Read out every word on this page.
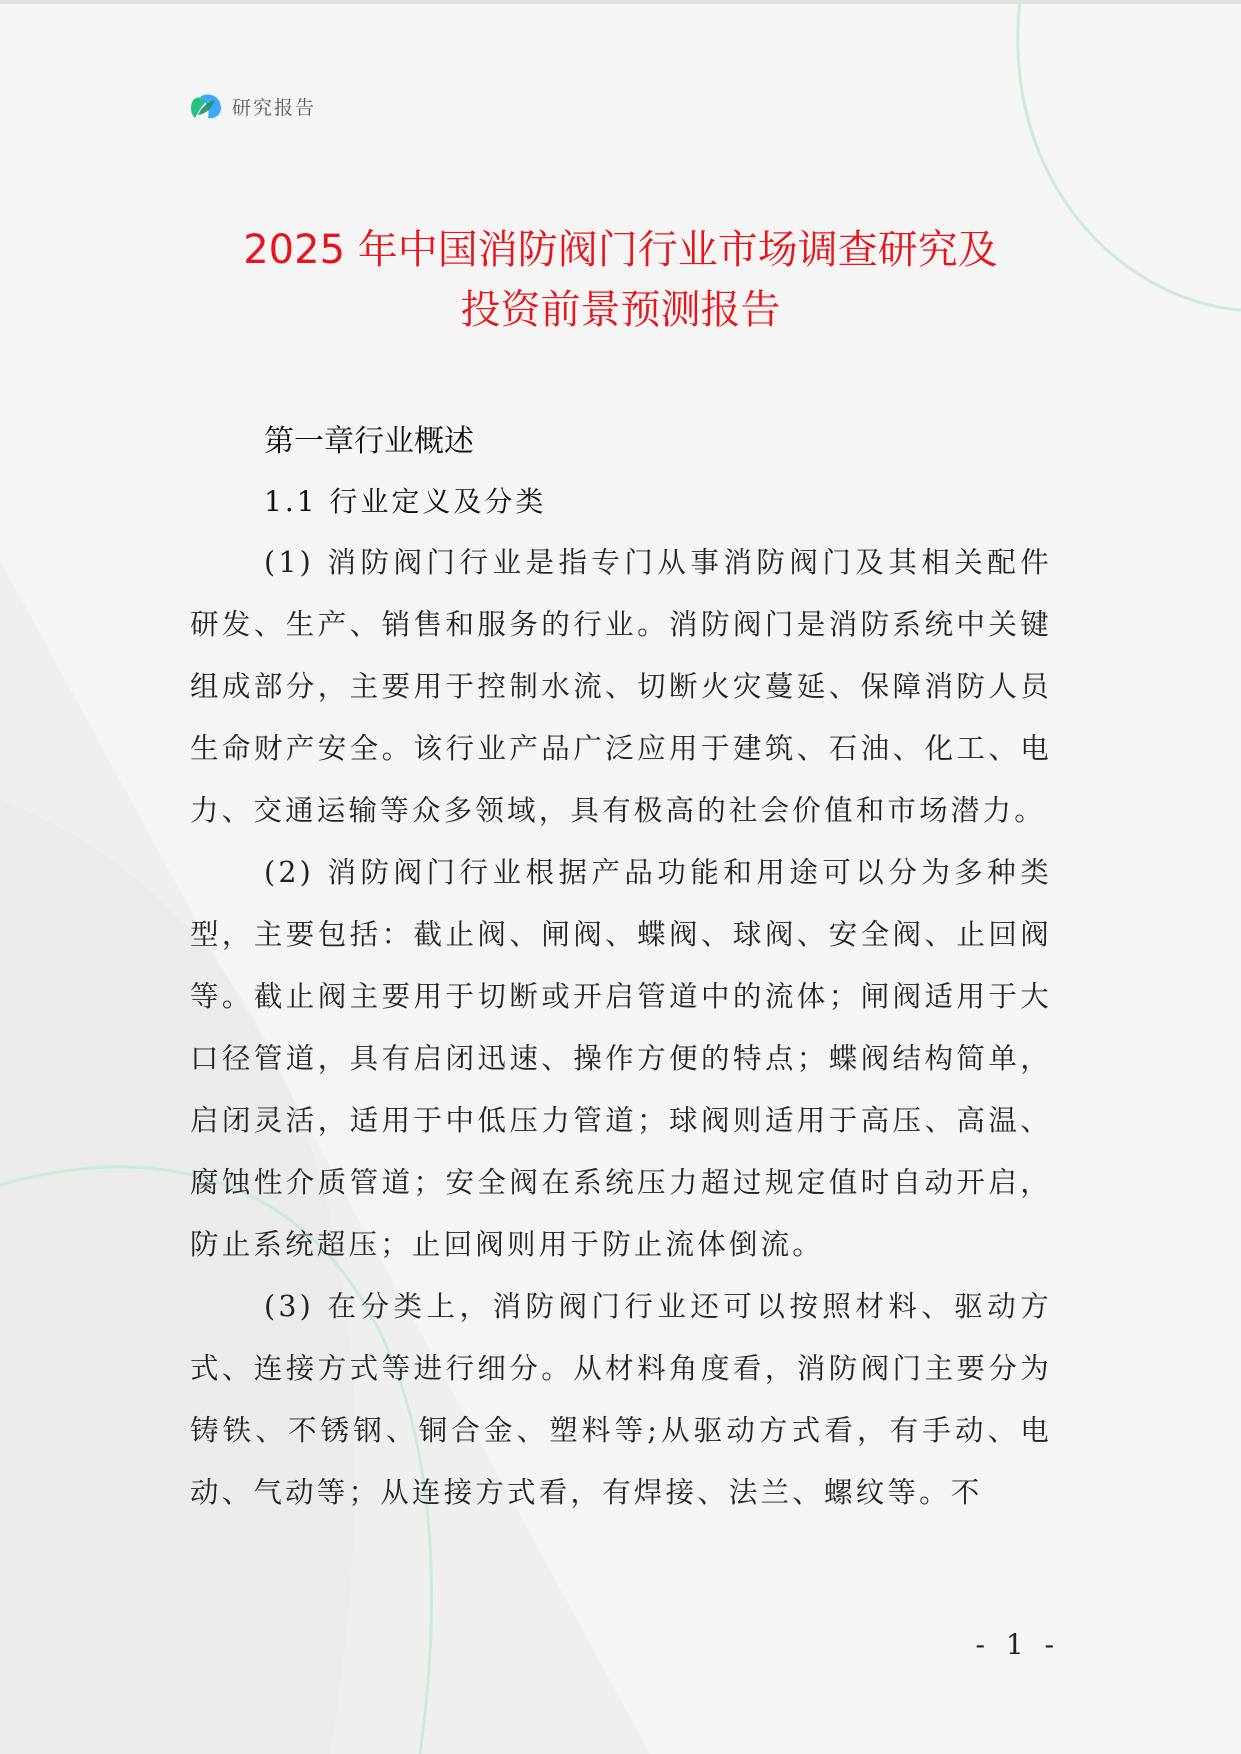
研究报告
2025 年中国消防阀门行业市场调查研究及
投资前景预测报告
第一章行业概述
1.1 行业定义及分类

(1) 消防阀门行业是指专门从事消防阀门及其相关配件研发、生产、销售和服务的行业。消防阀门是消防系统中关键组成部分，主要用于控制水流、切断火灾蔓延、保障消防人员生命财产安全。该行业产品广泛应用于建筑、石油、化工、电力、交通运输等众多领域，具有极高的社会价值和市场潜力。

(2) 消防阀门行业根据产品功能和用途可以分为多种类型，主要包括：截止阀、闸阀、蝶阀、球阀、安全阀、止回阀等。截止阀主要用于切断或开启管道中的流体；闸阀适用于大口径管道，具有启闭迅速、操作方便的特点；蝶阀结构简单，启闭灵活，适用于中低压力管道；球阀则适用于高压、高温、腐蚀性介质管道；安全阀在系统压力超过规定值时自动开启，防止系统超压；止回阀则用于防止流体倒流。

(3) 在分类上，消防阀门行业还可以按照材料、驱动方式、连接方式等进行细分。从材料角度看，消防阀门主要分为铸铁、不锈钢、铜合金、塑料等;从驱动方式看，有手动、电动、气动等；从连接方式看，有焊接、法兰、螺纹等。不

- 1 -
